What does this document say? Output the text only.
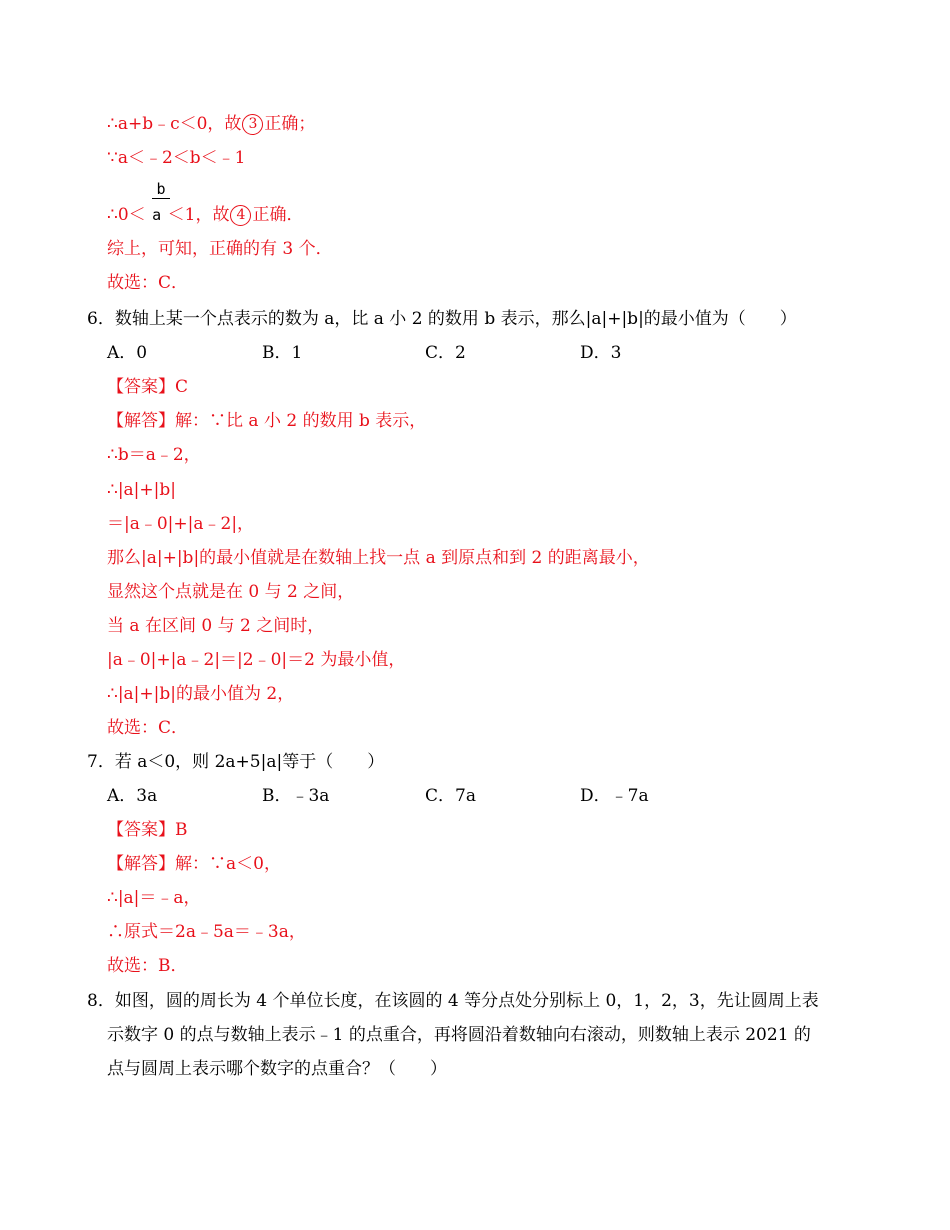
∴a+b﹣c＜0，故 3 正确；
∵a＜﹣2＜b＜﹣1
b
∴0＜ a ＜1，故 4 正确．
综上，可知，正确的有 3 个．
故选：C．
6．数轴上某一个点表示的数为 a，比 a 小 2 的数用 b 表示，那么|a|+|b|的最小值为（　　）
A．0	B．1	C．2	D．3
【答案】C
【解答】解：∵比 a 小 2 的数用 b 表示，
∴b＝a﹣2，
∴|a|+|b|
＝|a﹣0|+|a﹣2|，
那么|a|+|b|的最小值就是在数轴上找一点 a 到原点和到 2 的距离最小，
显然这个点就是在 0 与 2 之间，
当 a 在区间 0 与 2 之间时，
|a﹣0|+|a﹣2|＝|2﹣0|＝2 为最小值，
∴|a|+|b|的最小值为 2，
故选：C．
7．若 a＜0，则 2a+5|a|等于（　　）
A．3a	B．﹣3a	C．7a	D．﹣7a
【答案】B
【解答】解：∵a＜0，
∴|a|＝﹣a，
∴原式＝2a﹣5a＝﹣3a，
故选：B．
8．如图，圆的周长为 4 个单位长度，在该圆的 4 等分点处分别标上 0，1，2，3，先让圆周上表
示数字 0 的点与数轴上表示﹣1 的点重合，再将圆沿着数轴向右滚动，则数轴上表示 2021 的
点与圆周上表示哪个数字的点重合？（　　）
